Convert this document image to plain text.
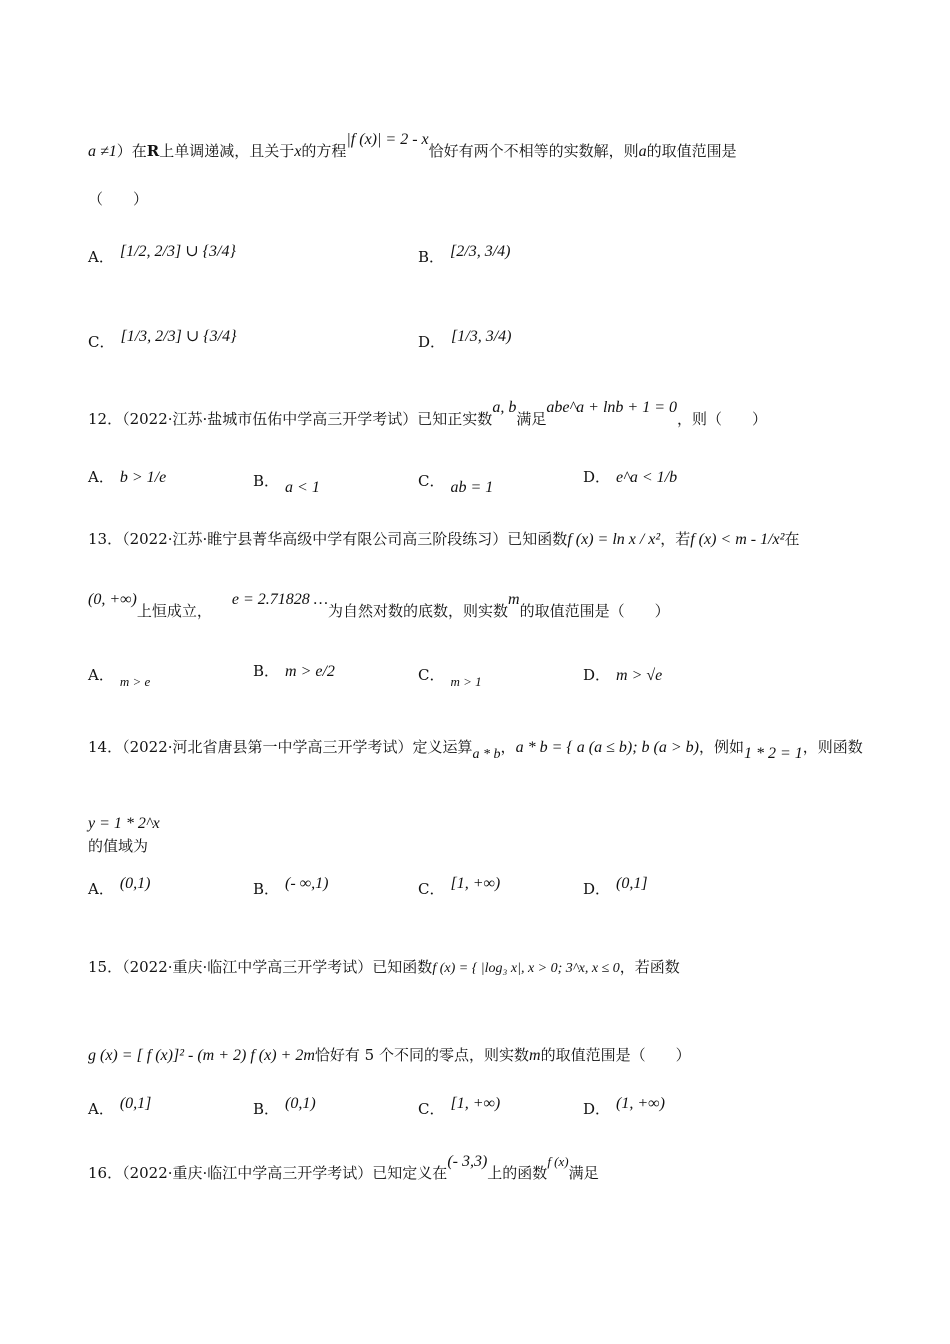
a ≠1）在R上单调递减，且关于x的方程|f (x)| = 2 - x恰好有两个不相等的实数解，则a的取值范围是
（　　）
A． [1/2, 2/3] ∪ {3/4}	B． [2/3, 3/4)
C． [1/3, 2/3] ∪ {3/4}	D． [1/3, 3/4)
12．（2022·江苏·盐城市伍佑中学高三开学考试）已知正实数a, b满足abe^a + lnb + 1 = 0，则（　　）
A． b > 1/e	B． a < 1	C． ab = 1
D． e^a < 1/b
13．（2022·江苏·睢宁县菁华高级中学有限公司高三阶段练习）已知函数f (x) = ln x / x²，若f (x) < m - 1/x²在
(0, +∞)上恒成立，e = 2.71828 …为自然对数的底数，则实数m的取值范围是（　　）
A． m > e
B． m > e/2	C． m > 1	D． m > √e
14．（2022·河北省唐县第一中学高三开学考试）定义运算a * b，a * b = { a (a ≤ b); b (a > b)，例如1 * 2 = 1，则函数
y = 1 * 2^x
的值域为
A． (0,1)	B． (- ∞,1)	C． [1, +∞)	D． (0,1]
15．（2022·重庆·临江中学高三开学考试）已知函数f (x) = { |log₃ x|, x > 0; 3^x, x ≤ 0，若函数
g (x) = [ f (x)]² - (m + 2) f (x) + 2m恰好有 5 个不同的零点，则实数m的取值范围是（　　）
A． (0,1]	B． (0,1)	C． [1, +∞)	D． (1, +∞)
16．（2022·重庆·临江中学高三开学考试）已知定义在(- 3,3)上的函数f (x)满足
